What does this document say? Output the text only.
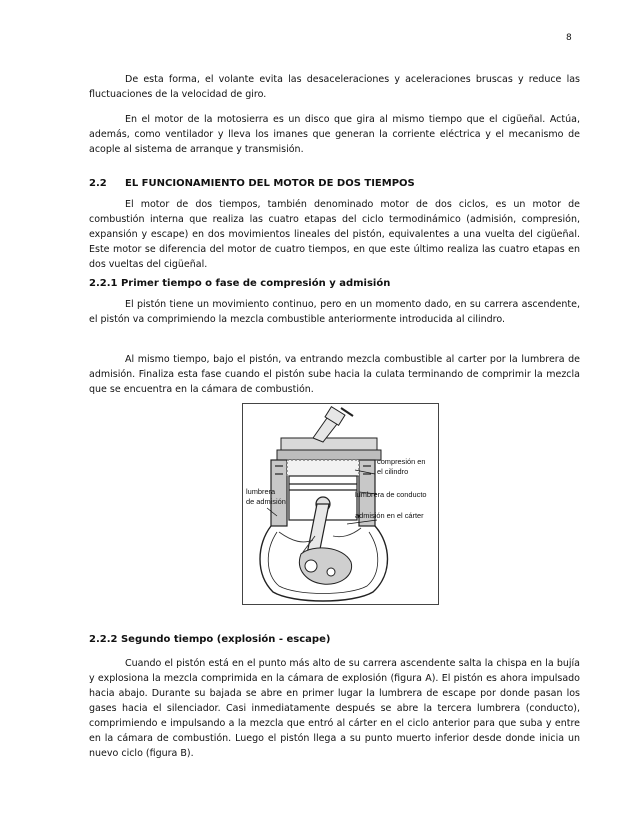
8

De esta forma, el volante evita las desaceleraciones y aceleraciones bruscas y reduce las fluctuaciones de la velocidad de giro.

En el motor de la motosierra es un disco que gira al mismo tiempo que el cigüeñal. Actúa, además, como ventilador y lleva los imanes que generan la corriente eléctrica y el mecanismo de acople al sistema de arranque y transmisión.

2.2 EL FUNCIONAMIENTO DEL MOTOR DE DOS TIEMPOS

El motor de dos tiempos, también denominado motor de dos ciclos, es un motor de combustión interna que realiza las cuatro etapas del ciclo termodinámico (admisión, compresión, expansión y escape) en dos movimientos lineales del pistón, equivalentes a una vuelta del cigüeñal. Este motor se diferencia del motor de cuatro tiempos, en que este último realiza las cuatro etapas en dos vueltas del cigüeñal.

2.2.1 Primer tiempo o fase de compresión y admisión

El pistón tiene un movimiento continuo, pero en un momento dado, en su carrera ascendente, el pistón va comprimiendo la mezcla combustible anteriormente introducida al cilindro.

Al mismo tiempo, bajo el pistón, va entrando mezcla combustible al carter por la lumbrera de admisión. Finaliza esta fase cuando el pistón sube hacia la culata terminando de comprimir la mezcla que se encuentra en la cámara de combustión.

compresión en
el cilindro
lumbrera
de admisión
lumbrera de conducto
admisión en el cárter
2.2.2 Segundo tiempo (explosión - escape)

Cuando el pistón está en el punto más alto de su carrera ascendente salta la chispa en la bujía y explosiona la mezcla comprimida en la cámara de explosión (figura A). El pistón es ahora impulsado hacia abajo. Durante su bajada se abre en primer lugar la lumbrera de escape por donde pasan los gases hacia el silenciador. Casi inmediatamente después se abre la tercera lumbrera (conducto), comprimiendo e impulsando a la mezcla que entró al cárter en el ciclo anterior para que suba y entre en la cámara de combustión. Luego el pistón llega a su punto muerto inferior desde donde inicia un nuevo ciclo (figura B).
